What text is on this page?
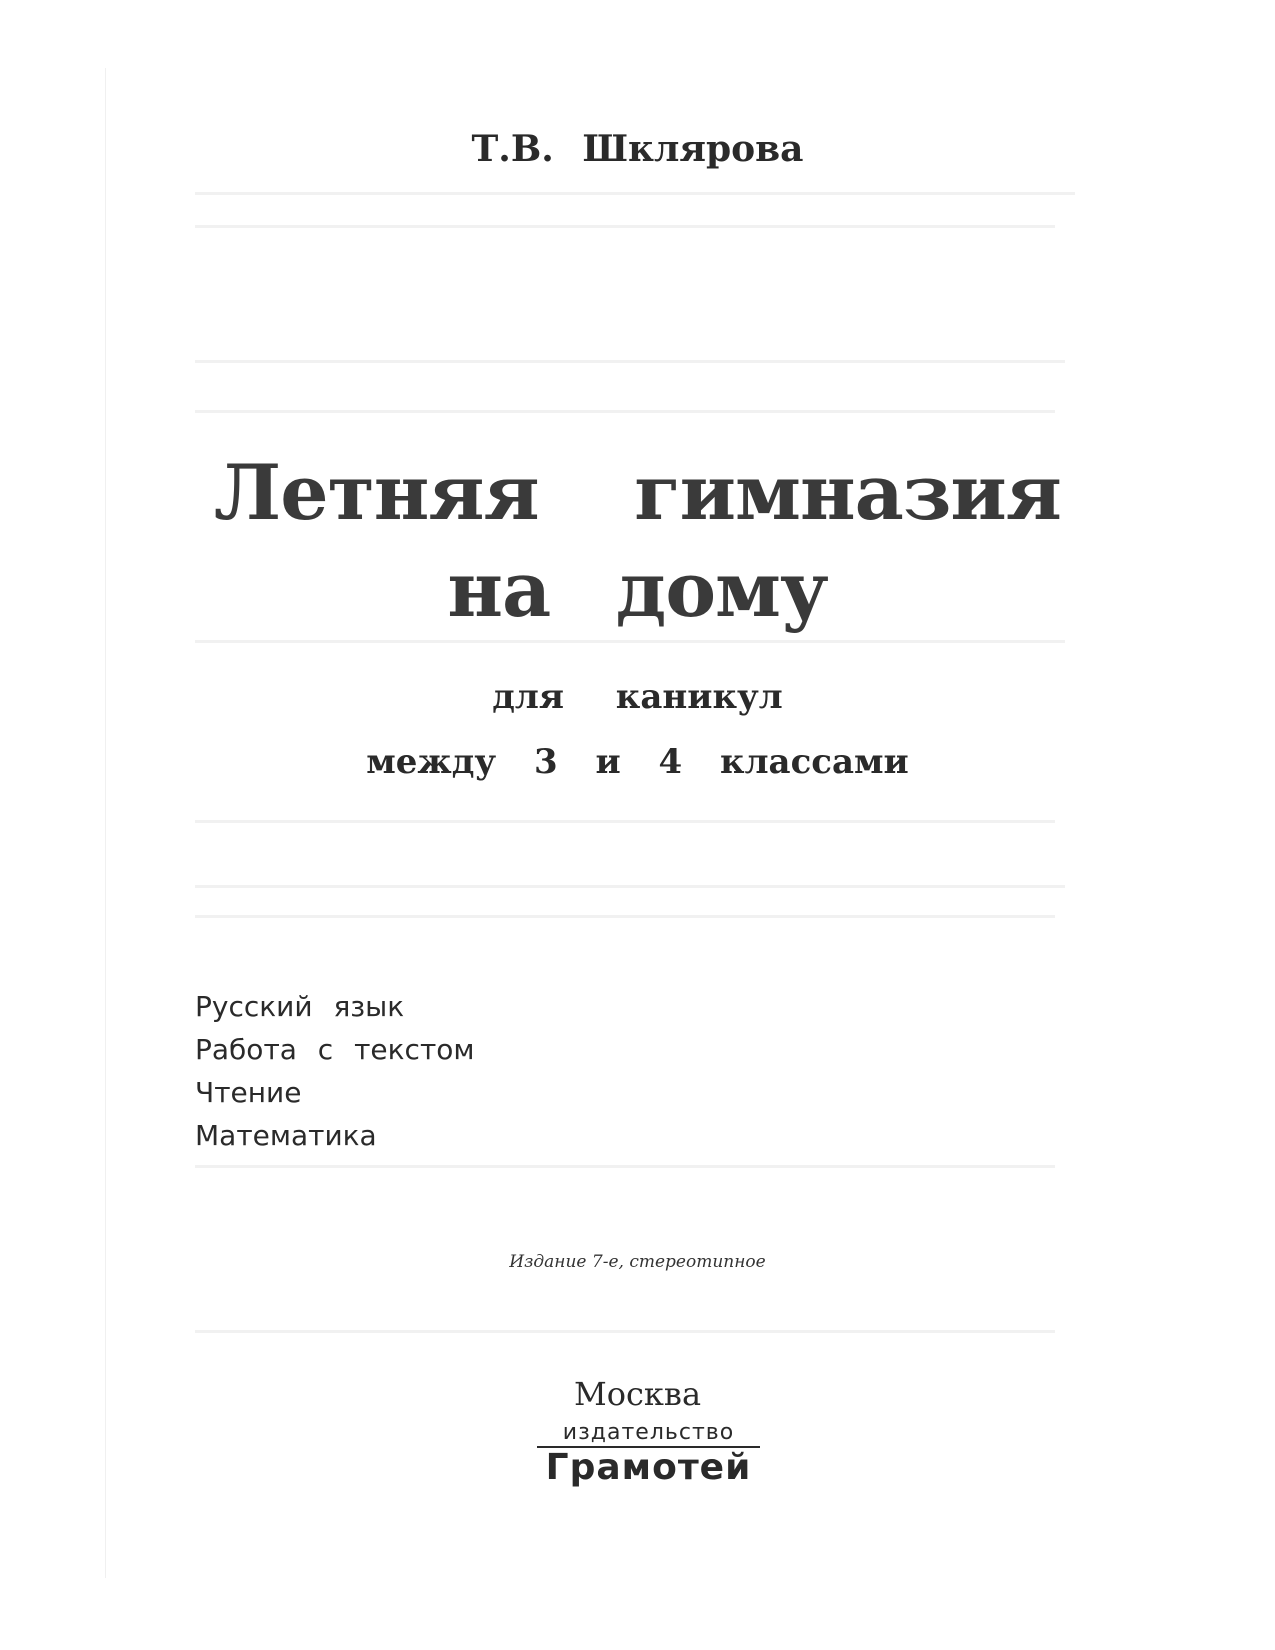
Т.В. Шклярова
Летняя гимназия
на дому
для каникул
между 3 и 4 классами
Русский язык
Работа с текстом
Чтение
Математика
Издание 7-е, стереотипное
Москва
издательство
Грамотей
